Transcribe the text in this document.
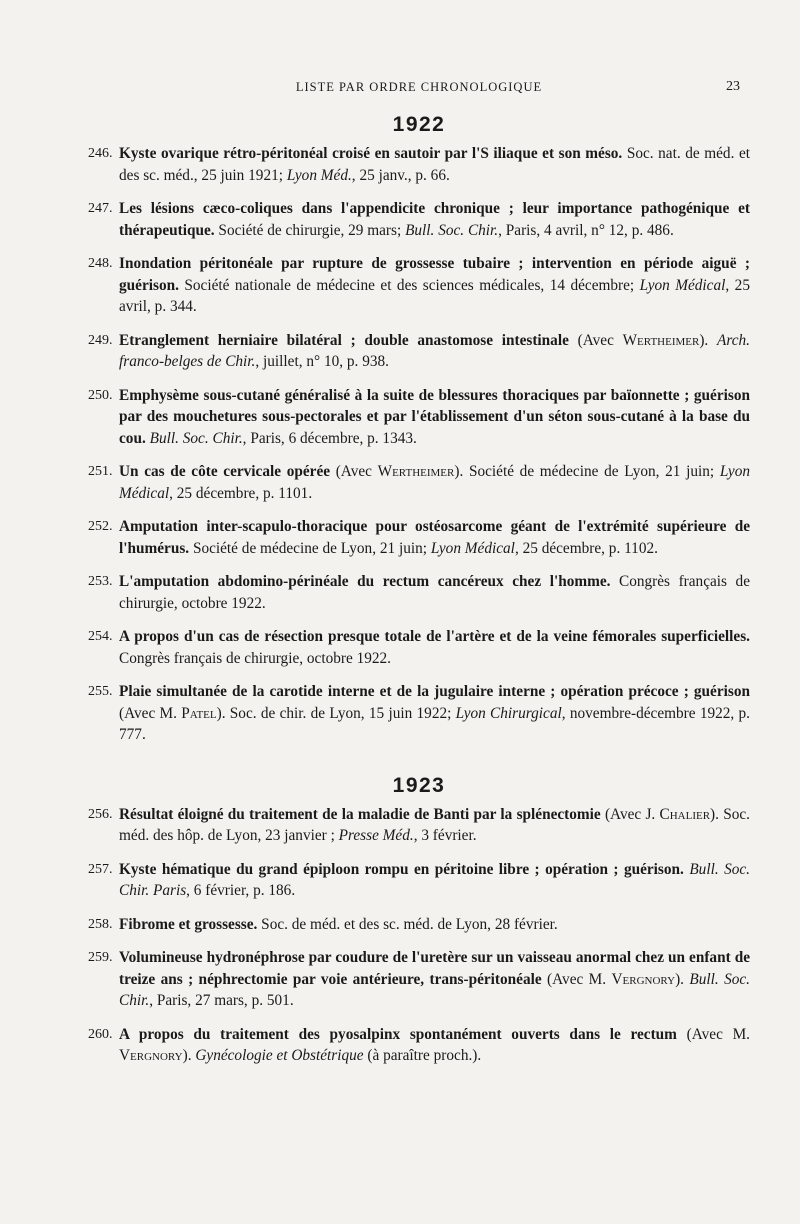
LISTE PAR ORDRE CHRONOLOGIQUE	23
1922
246. Kyste ovarique rétro-péritonéal croisé en sautoir par l'S iliaque et son méso. Soc. nat. de méd. et des sc. méd., 25 juin 1921; Lyon Méd., 25 janv., p. 66.
247. Les lésions cæco-coliques dans l'appendicite chronique ; leur importance pathogénique et thérapeutique. Société de chirurgie, 29 mars; Bull. Soc. Chir., Paris, 4 avril, n° 12, p. 486.
248. Inondation péritonéale par rupture de grossesse tubaire ; intervention en période aiguë ; guérison. Société nationale de médecine et des sciences médicales, 14 décembre; Lyon Médical, 25 avril, p. 344.
249. Etranglement herniaire bilatéral ; double anastomose intestinale (Avec Wertheimer). Arch. franco-belges de Chir., juillet, n° 10, p. 938.
250. Emphysème sous-cutané généralisé à la suite de blessures thoraciques par baïonnette ; guérison par des mouchetures sous-pectorales et par l'établissement d'un séton sous-cutané à la base du cou. Bull. Soc. Chir., Paris, 6 décembre, p. 1343.
251. Un cas de côte cervicale opérée (Avec Wertheimer). Société de médecine de Lyon, 21 juin; Lyon Médical, 25 décembre, p. 1101.
252. Amputation inter-scapulo-thoracique pour ostéosarcome géant de l'extrémité supérieure de l'humérus. Société de médecine de Lyon, 21 juin; Lyon Médical, 25 décembre, p. 1102.
253. L'amputation abdomino-périnéale du rectum cancéreux chez l'homme. Congrès français de chirurgie, octobre 1922.
254. A propos d'un cas de résection presque totale de l'artère et de la veine fémorales superficielles. Congrès français de chirurgie, octobre 1922.
255. Plaie simultanée de la carotide interne et de la jugulaire interne ; opération précoce ; guérison (Avec M. Patel). Soc. de chir. de Lyon, 15 juin 1922; Lyon Chirurgical, novembre-décembre 1922, p. 777.
1923
256. Résultat éloigné du traitement de la maladie de Banti par la splénectomie (Avec J. Chalier). Soc. méd. des hôp. de Lyon, 23 janvier ; Presse Méd., 3 février.
257. Kyste hématique du grand épiploon rompu en péritoine libre ; opération ; guérison. Bull. Soc. Chir. Paris, 6 février, p. 186.
258. Fibrome et grossesse. Soc. de méd. et des sc. méd. de Lyon, 28 février.
259. Volumineuse hydronéphrose par coudure de l'uretère sur un vaisseau anormal chez un enfant de treize ans ; néphrectomie par voie antérieure, trans-péritonéale (Avec M. Vergnory). Bull. Soc. Chir., Paris, 27 mars, p. 501.
260. A propos du traitement des pyosalpinx spontanément ouverts dans le rectum (Avec M. Vergnory). Gynécologie et Obstétrique (à paraître proch.).
